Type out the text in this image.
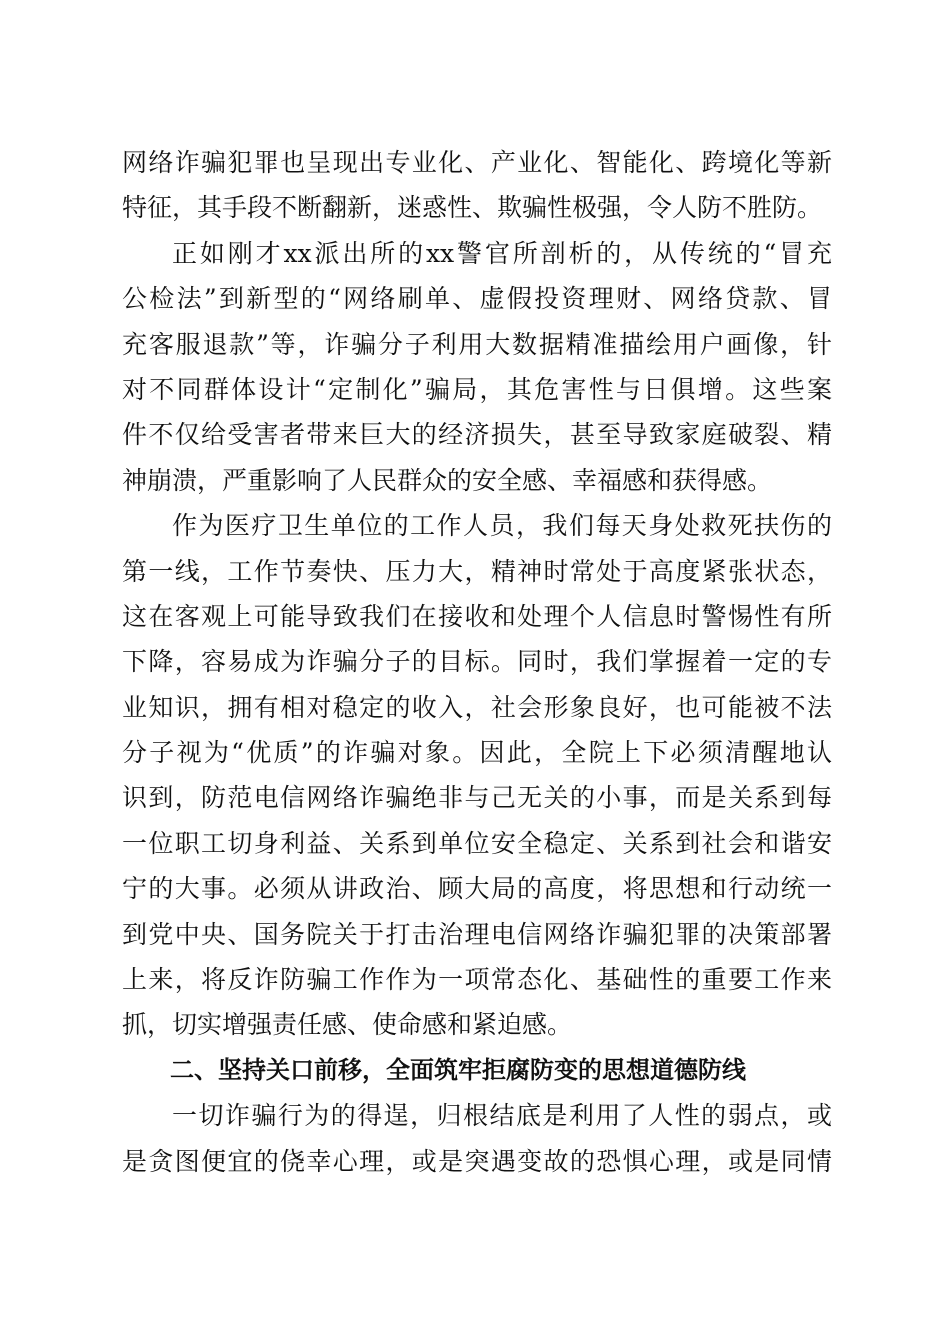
网络诈骗犯罪也呈现出专业化、产业化、智能化、跨境化等新
特征，其手段不断翻新，迷惑性、欺骗性极强，令人防不胜防。
正如刚才xx派出所的xx警官所剖析的，从传统的“冒充
公检法”到新型的“网络刷单、虚假投资理财、网络贷款、冒
充客服退款”等，诈骗分子利用大数据精准描绘用户画像，针
对不同群体设计“定制化”骗局，其危害性与日俱增。这些案
件不仅给受害者带来巨大的经济损失，甚至导致家庭破裂、精
神崩溃，严重影响了人民群众的安全感、幸福感和获得感。
作为医疗卫生单位的工作人员，我们每天身处救死扶伤的
第一线，工作节奏快、压力大，精神时常处于高度紧张状态，
这在客观上可能导致我们在接收和处理个人信息时警惕性有所
下降，容易成为诈骗分子的目标。同时，我们掌握着一定的专
业知识，拥有相对稳定的收入，社会形象良好，也可能被不法
分子视为“优质”的诈骗对象。因此，全院上下必须清醒地认
识到，防范电信网络诈骗绝非与己无关的小事，而是关系到每
一位职工切身利益、关系到单位安全稳定、关系到社会和谐安
宁的大事。必须从讲政治、顾大局的高度，将思想和行动统一
到党中央、国务院关于打击治理电信网络诈骗犯罪的决策部署
上来，将反诈防骗工作作为一项常态化、基础性的重要工作来
抓，切实增强责任感、使命感和紧迫感。
二、坚持关口前移，全面筑牢拒腐防变的思想道德防线
一切诈骗行为的得逞，归根结底是利用了人性的弱点，或
是贪图便宜的侥幸心理，或是突遇变故的恐惧心理，或是同情
